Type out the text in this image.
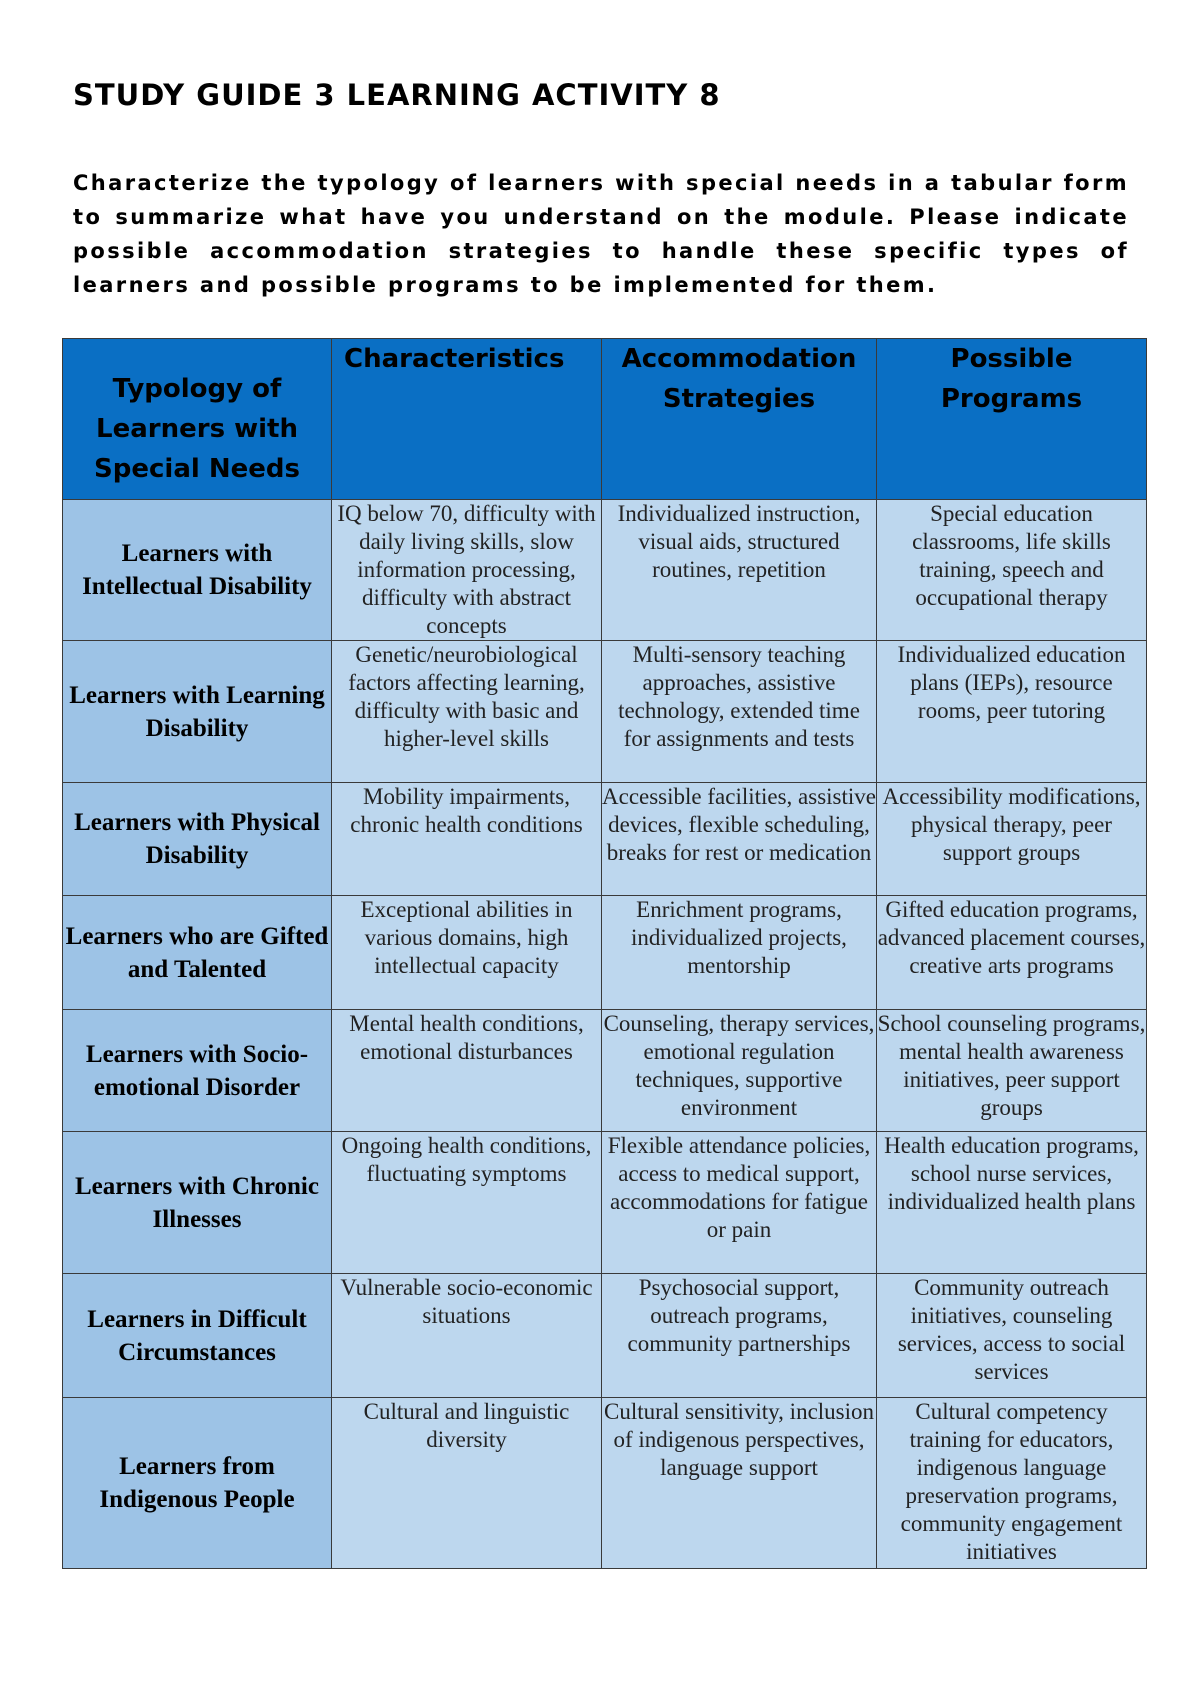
STUDY GUIDE 3 LEARNING ACTIVITY 8

Characterize the typology of learners with special needs in a tabular form to summarize what have you understand on the module. Please indicate possible accommodation strategies to handle these specific types of learners and possible programs to be implemented for them.

Typology of Learners with Special Needs	Characteristics	Accommodation Strategies	Possible Programs
Learners with Intellectual Disability	IQ below 70, difficulty with daily living skills, slow information processing, difficulty with abstract concepts	Individualized instruction, visual aids, structured routines, repetition	Special education classrooms, life skills training, speech and occupational therapy
Learners with Learning Disability	Genetic/neurobiological factors affecting learning, difficulty with basic and higher-level skills	Multi-sensory teaching approaches, assistive technology, extended time for assignments and tests	Individualized education plans (IEPs), resource rooms, peer tutoring
Learners with Physical Disability	Mobility impairments, chronic health conditions	Accessible facilities, assistive devices, flexible scheduling, breaks for rest or medication	Accessibility modifications, physical therapy, peer support groups
Learners who are Gifted and Talented	Exceptional abilities in various domains, high intellectual capacity	Enrichment programs, individualized projects, mentorship	Gifted education programs, advanced placement courses, creative arts programs
Learners with Socio-emotional Disorder	Mental health conditions, emotional disturbances	Counseling, therapy services, emotional regulation techniques, supportive environment	School counseling programs, mental health awareness initiatives, peer support groups
Learners with Chronic Illnesses	Ongoing health conditions, fluctuating symptoms	Flexible attendance policies, access to medical support, accommodations for fatigue or pain	Health education programs, school nurse services, individualized health plans
Learners in Difficult Circumstances	Vulnerable socio-economic situations	Psychosocial support, outreach programs, community partnerships	Community outreach initiatives, counseling services, access to social services
Learners from Indigenous People	Cultural and linguistic diversity	Cultural sensitivity, inclusion of indigenous perspectives, language support	Cultural competency training for educators, indigenous language preservation programs, community engagement initiatives
